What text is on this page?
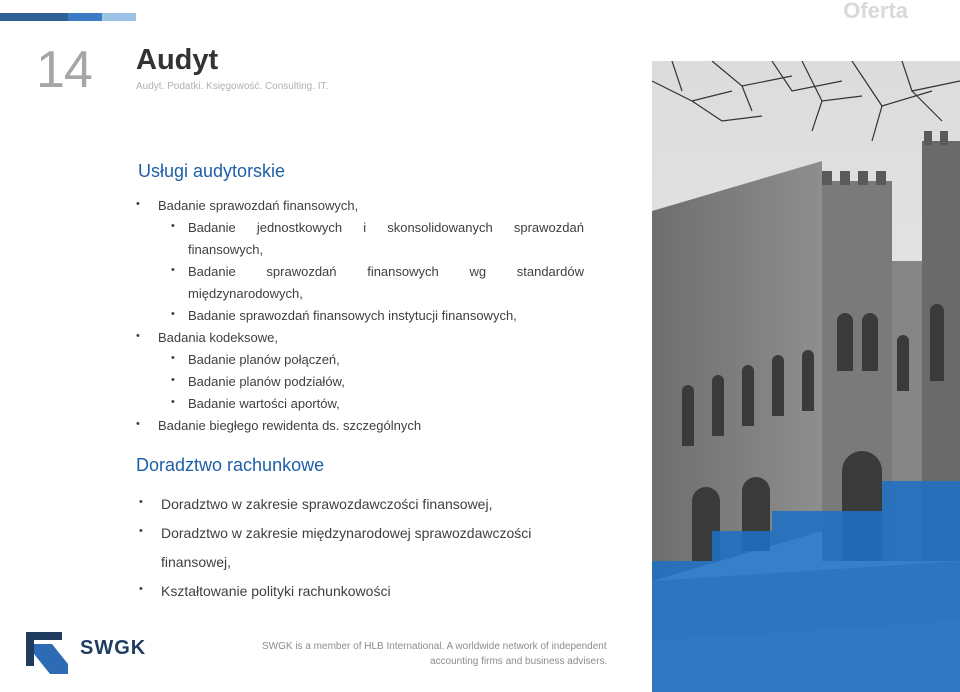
Oferta
14 Audyt
Audyt. Podatki. Księgowość. Consulting. IT.
Usługi audytorskie
• Badanie sprawozdań finansowych,
• Badanie jednostkowych i skonsolidowanych sprawozdań
finansowych,
• Badanie sprawozdań finansowych wg standardów
międzynarodowych,
• Badanie sprawozdań finansowych instytucji finansowych,
• Badania kodeksowe,
• Badanie planów połączeń,
• Badanie planów podziałów,
• Badanie wartości aportów,
• Badanie biegłego rewidenta ds. szczególnych
Doradztwo rachunkowe
• Doradztwo w zakresie sprawozdawczości finansowej,
• Doradztwo w zakresie międzynarodowej sprawozdawczości
finansowej,
• Kształtowanie polityki rachunkowości
SWGK	SWGK is a member of HLB International. A worldwide network of independent
accounting firms and business advisers.
